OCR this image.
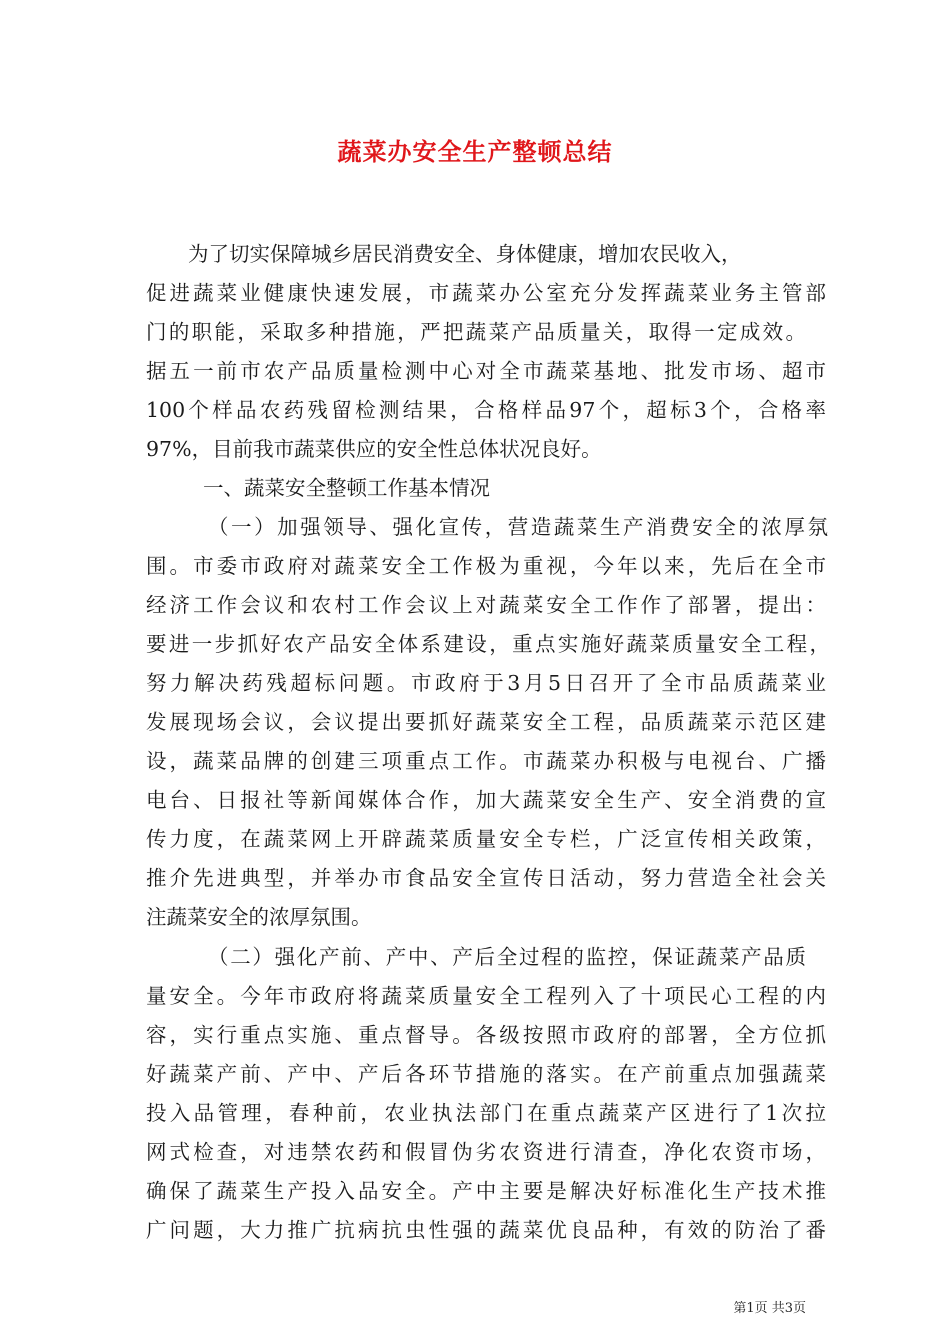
蔬菜办安全生产整顿总结
为了切实保障城乡居民消费安全、身体健康，增加农民收入，
促进蔬菜业健康快速发展，市蔬菜办公室充分发挥蔬菜业务主管部
门的职能，采取多种措施，严把蔬菜产品质量关，取得一定成效。
据五一前市农产品质量检测中心对全市蔬菜基地、批发市场、超市
100个样品农药残留检测结果，合格样品97个，超标3个，合格率
97%，目前我市蔬菜供应的安全性总体状况良好。
一、蔬菜安全整顿工作基本情况
（一）加强领导、强化宣传，营造蔬菜生产消费安全的浓厚氛
围。市委市政府对蔬菜安全工作极为重视，今年以来，先后在全市
经济工作会议和农村工作会议上对蔬菜安全工作作了部署，提出：
要进一步抓好农产品安全体系建设，重点实施好蔬菜质量安全工程，
努力解决药残超标问题。市政府于3月5日召开了全市品质蔬菜业
发展现场会议，会议提出要抓好蔬菜安全工程，品质蔬菜示范区建
设，蔬菜品牌的创建三项重点工作。市蔬菜办积极与电视台、广播
电台、日报社等新闻媒体合作，加大蔬菜安全生产、安全消费的宣
传力度，在蔬菜网上开辟蔬菜质量安全专栏，广泛宣传相关政策，
推介先进典型，并举办市食品安全宣传日活动，努力营造全社会关
注蔬菜安全的浓厚氛围。
（二）强化产前、产中、产后全过程的监控，保证蔬菜产品质
量安全。今年市政府将蔬菜质量安全工程列入了十项民心工程的内
容，实行重点实施、重点督导。各级按照市政府的部署，全方位抓
好蔬菜产前、产中、产后各环节措施的落实。在产前重点加强蔬菜
投入品管理，春种前，农业执法部门在重点蔬菜产区进行了1次拉
网式检查，对违禁农药和假冒伪劣农资进行清查，净化农资市场，
确保了蔬菜生产投入品安全。产中主要是解决好标准化生产技术推
广问题，大力推广抗病抗虫性强的蔬菜优良品种，有效的防治了番
第1页 共3页
